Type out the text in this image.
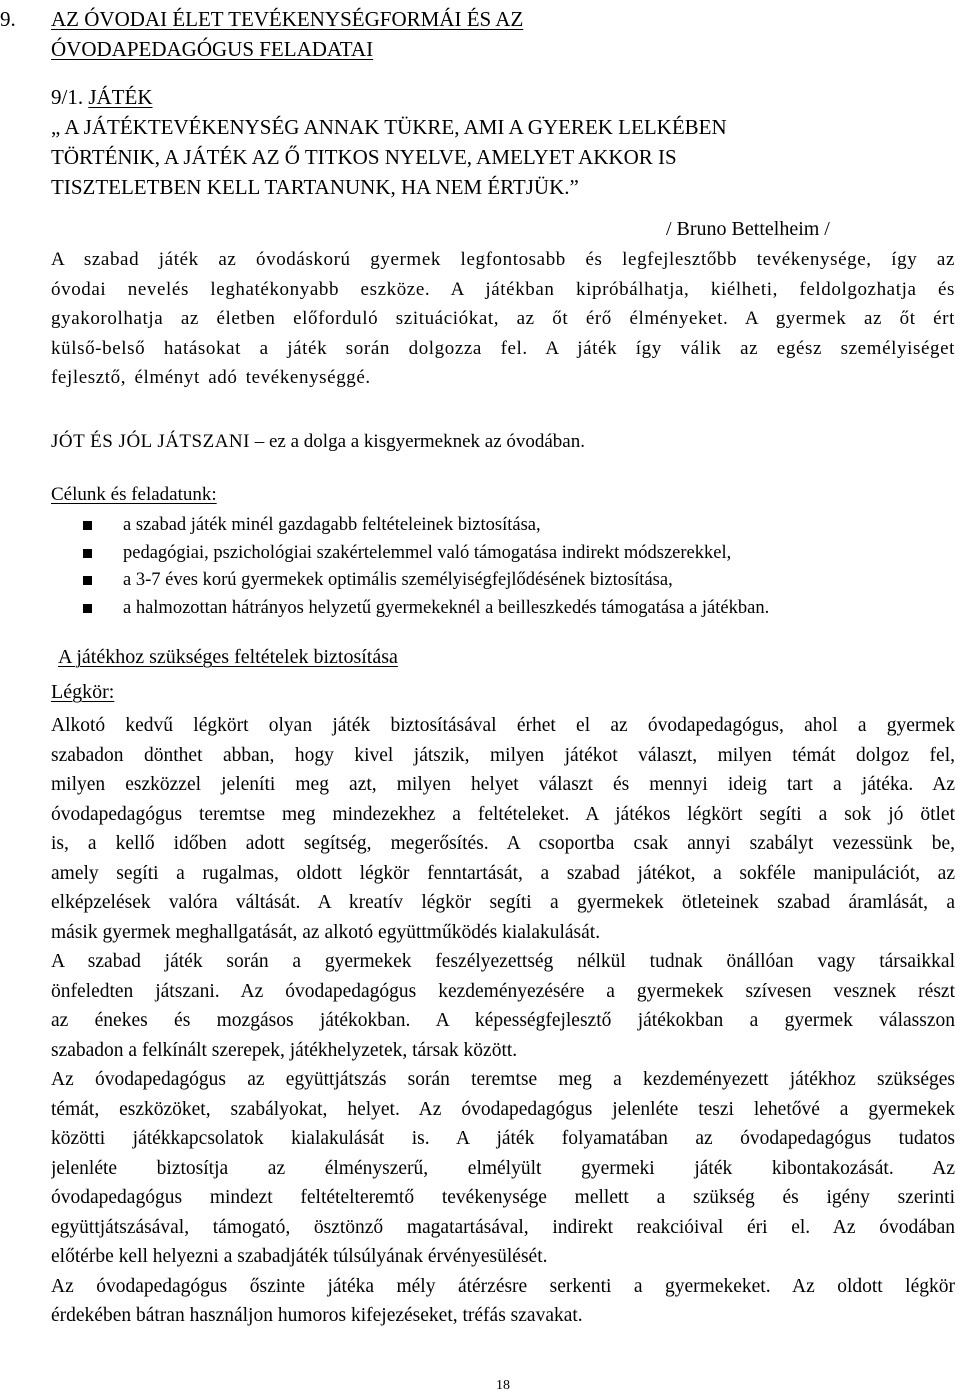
9. AZ ÓVODAI ÉLET TEVÉKENYSÉGFORMÁI ÉS AZ
ÓVODAPEDAGÓGUS FELADATAI
9/1. JÁTÉK
„ A JÁTÉKTEVÉKENYSÉG ANNAK TÜKRE, AMI A GYEREK LELKÉBEN
TÖRTÉNIK, A JÁTÉK AZ Ő TITKOS NYELVE, AMELYET AKKOR IS
TISZTELETBEN KELL TARTANUNK, HA NEM ÉRTJÜK.”
/ Bruno Bettelheim /
A szabad játék az óvodáskorú gyermek legfontosabb és legfejlesztőbb tevékenysége, így az
óvodai nevelés leghatékonyabb eszköze. A játékban kipróbálhatja, kiélheti, feldolgozhatja és
gyakorolhatja az életben előforduló szituációkat, az őt érő élményeket. A gyermek az őt ért
külső-belső hatásokat a játék során dolgozza fel. A játék így válik az egész személyiséget
fejlesztő, élményt adó tevékenységgé.
JÓT ÉS JÓL JÁTSZANI – ez a dolga a kisgyermeknek az óvodában.
Célunk és feladatunk:
a szabad játék minél gazdagabb feltételeinek biztosítása,
pedagógiai, pszichológiai szakértelemmel való támogatása indirekt módszerekkel,
a 3-7 éves korú gyermekek optimális személyiségfejlődésének biztosítása,
a halmozottan hátrányos helyzetű gyermekeknél a beilleszkedés támogatása a játékban.
A játékhoz szükséges feltételek biztosítása
Légkör:
Alkotó kedvű légkört olyan játék biztosításával érhet el az óvodapedagógus, ahol a gyermek
szabadon dönthet abban, hogy kivel játszik, milyen játékot választ, milyen témát dolgoz fel,
milyen eszközzel jeleníti meg azt, milyen helyet választ és mennyi ideig tart a játéka. Az
óvodapedagógus teremtse meg mindezekhez a feltételeket. A játékos légkört segíti a sok jó ötlet
is, a kellő időben adott segítség, megerősítés. A csoportba csak annyi szabályt vezessünk be,
amely segíti a rugalmas, oldott légkör fenntartását, a szabad játékot, a sokféle manipulációt, az
elképzelések valóra váltását. A kreatív légkör segíti a gyermekek ötleteinek szabad áramlását, a
másik gyermek meghallgatását, az alkotó együttműködés kialakulását.
A szabad játék során a gyermekek feszélyezettség nélkül tudnak önállóan vagy társaikkal
önfeledten játszani. Az óvodapedagógus kezdeményezésére a gyermekek szívesen vesznek részt
az énekes és mozgásos játékokban. A képességfejlesztő játékokban a gyermek válasszon
szabadon a felkínált szerepek, játékhelyzetek, társak között.
Az óvodapedagógus az együttjátszás során teremtse meg a kezdeményezett játékhoz szükséges
témát, eszközöket, szabályokat, helyet. Az óvodapedagógus jelenléte teszi lehetővé a gyermekek
közötti játékkapcsolatok kialakulását is. A játék folyamatában az óvodapedagógus tudatos
jelenléte biztosítja az élményszerű, elmélyült gyermeki játék kibontakozását. Az
óvodapedagógus mindezt feltételteremtő tevékenysége mellett a szükség és igény szerinti
együttjátszásával, támogató, ösztönző magatartásával, indirekt reakcióival éri el. Az óvodában
előtérbe kell helyezni a szabadjáték túlsúlyának érvényesülését.
Az óvodapedagógus őszinte játéka mély átérzésre serkenti a gyermekeket. Az oldott légkör
érdekében bátran használjon humoros kifejezéseket, tréfás szavakat.
18
